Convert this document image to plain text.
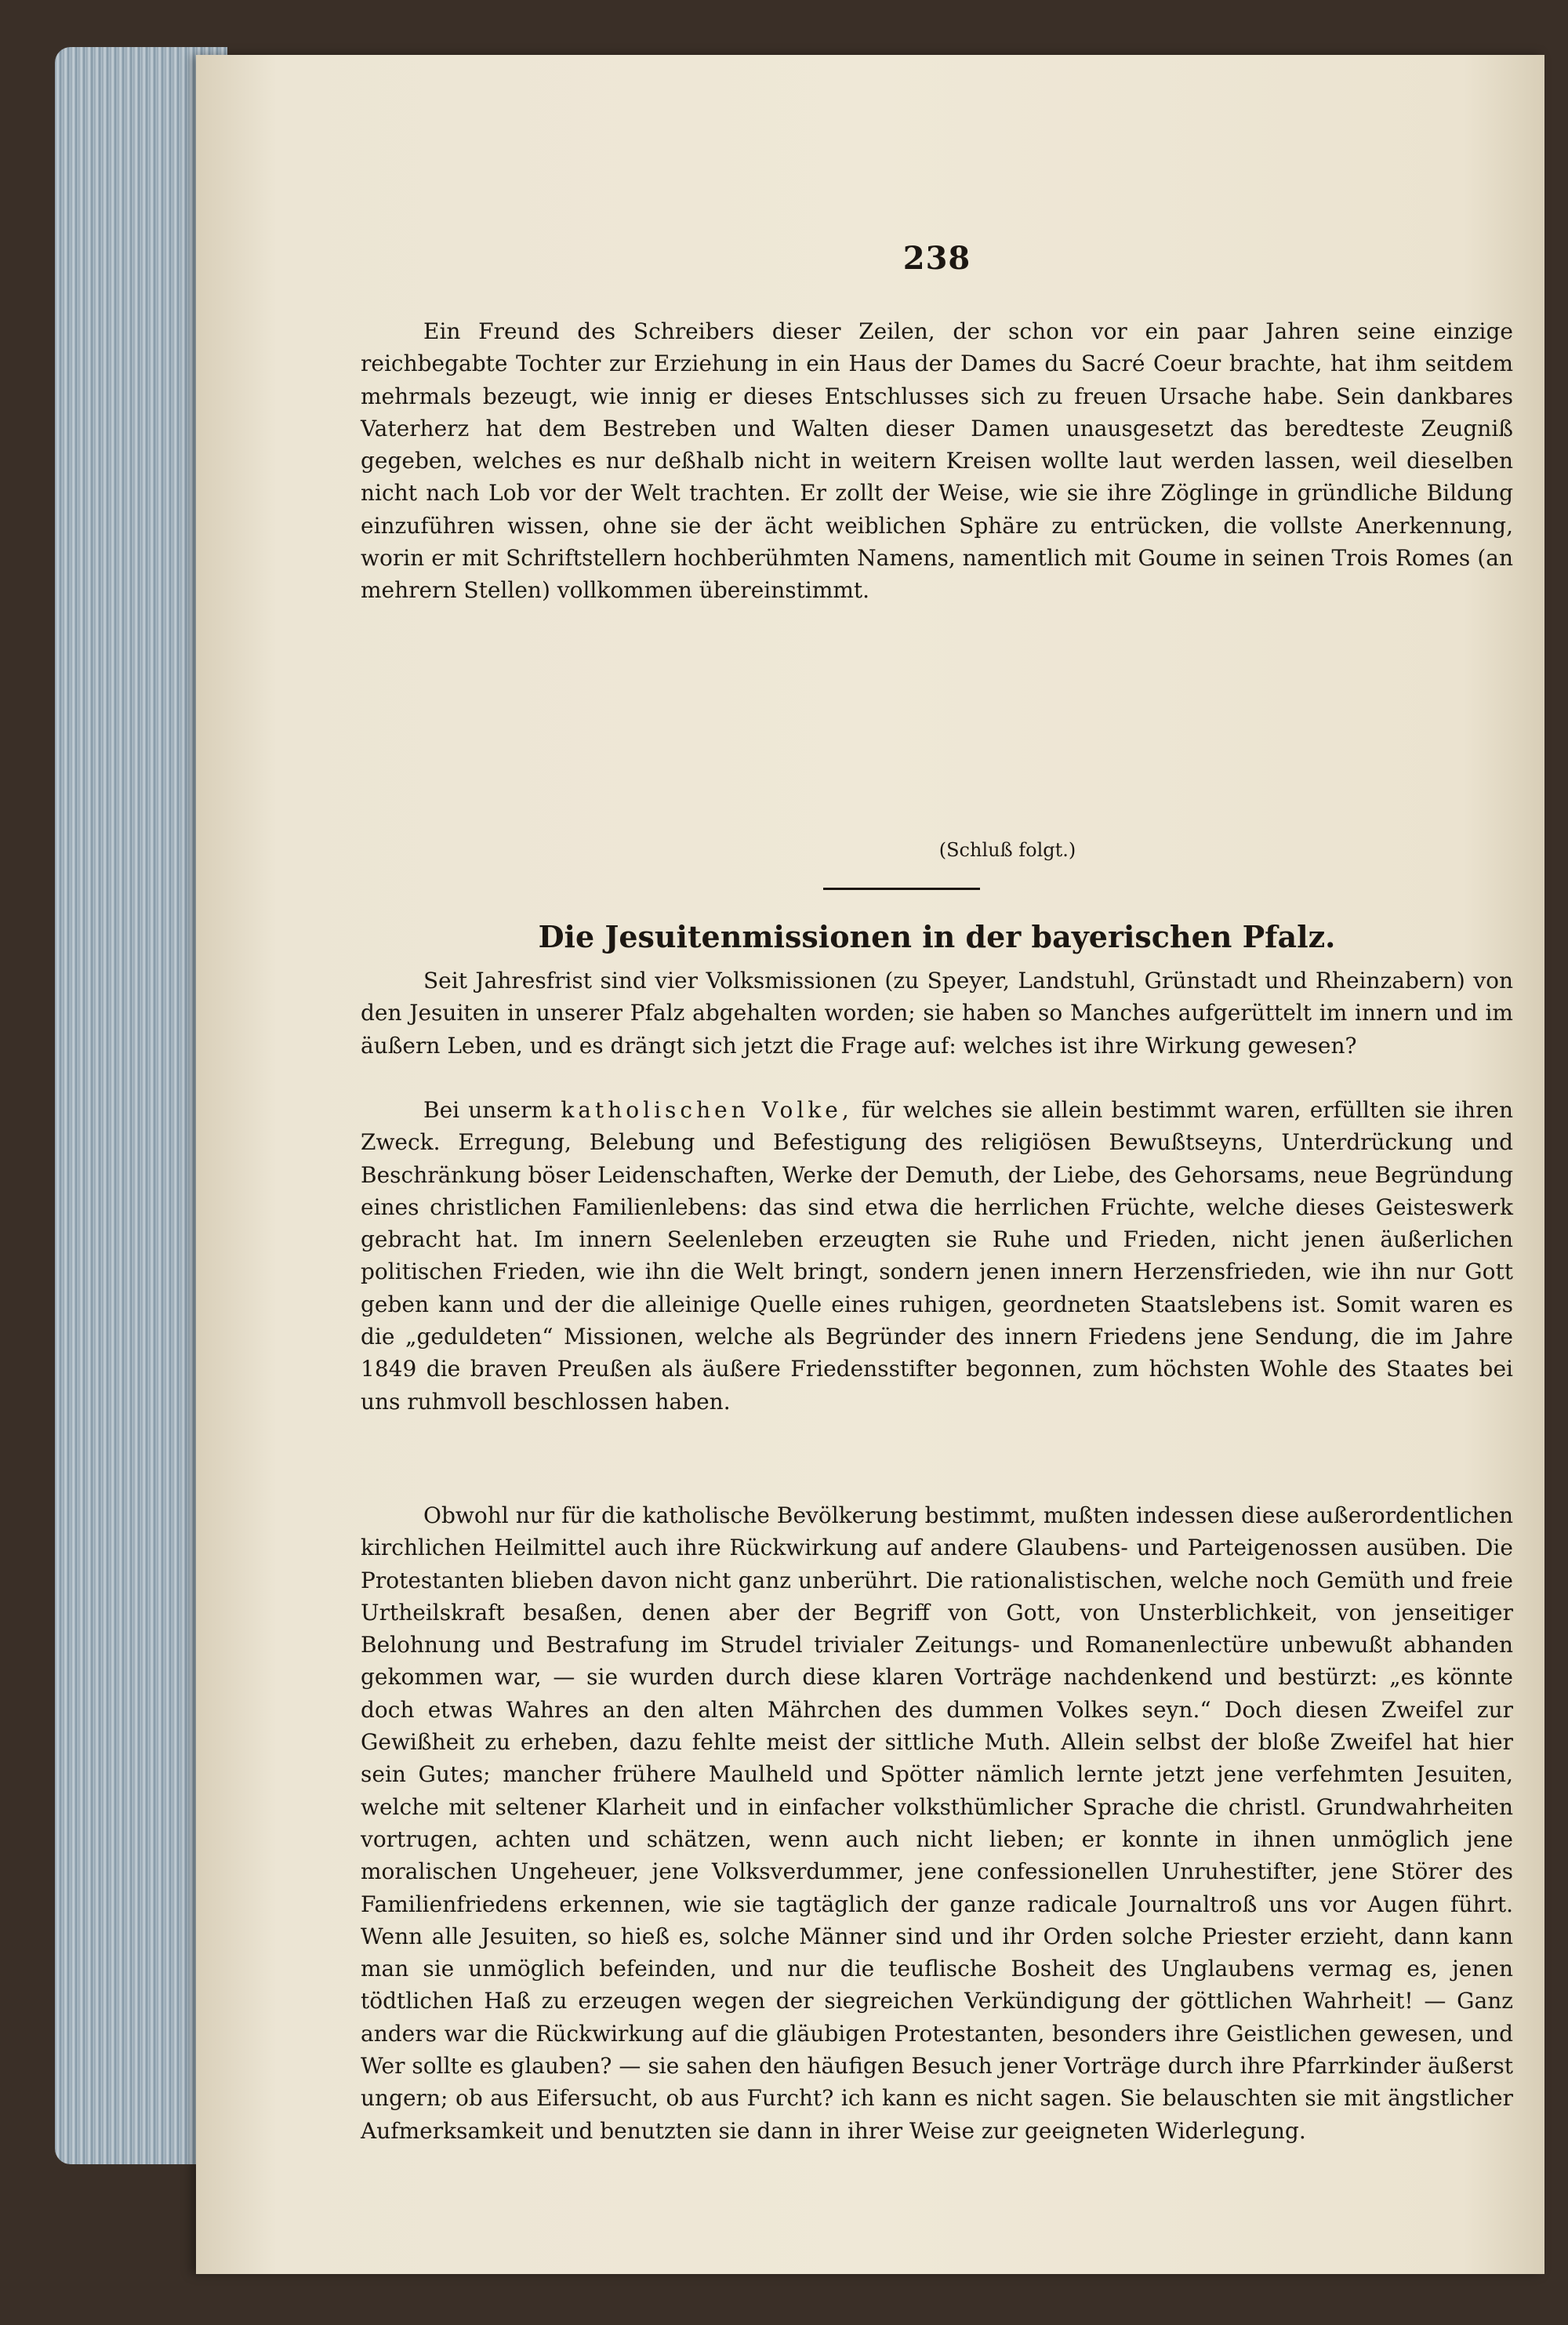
238

Ein Freund des Schreibers dieser Zeilen, der schon vor ein paar Jahren seine einzige reichbegabte Tochter zur Erziehung in ein Haus der Dames du Sacré Coeur brachte, hat ihm seitdem mehrmals bezeugt, wie innig er dieses Entschlusses sich zu freuen Ursache habe. Sein dankbares Vaterherz hat dem Bestreben und Walten dieser Damen unausgesetzt das beredteste Zeugniß gegeben, welches es nur deßhalb nicht in weitern Kreisen wollte laut werden lassen, weil dieselben nicht nach Lob vor der Welt trachten. Er zollt der Weise, wie sie ihre Zöglinge in gründliche Bildung einzuführen wissen, ohne sie der ächt weiblichen Sphäre zu entrücken, die vollste Anerkennung, worin er mit Schriftstellern hochberühmten Namens, namentlich mit Goume in seinen Trois Romes (an mehrern Stellen) vollkommen übereinstimmt.

(Schluß folgt.)
Die Jesuitenmissionen in der bayerischen Pfalz.

Seit Jahresfrist sind vier Volksmissionen (zu Speyer, Landstuhl, Grünstadt und Rheinzabern) von den Jesuiten in unserer Pfalz abgehalten worden; sie haben so Manches aufgerüttelt im innern und im äußern Leben, und es drängt sich jetzt die Frage auf: welches ist ihre Wirkung gewesen?

Bei unserm katholischen Volke, für welches sie allein bestimmt waren, erfüllten sie ihren Zweck. Erregung, Belebung und Befestigung des religiösen Bewußtseyns, Unterdrückung und Beschränkung böser Leidenschaften, Werke der Demuth, der Liebe, des Gehorsams, neue Begründung eines christlichen Familienlebens: das sind etwa die herrlichen Früchte, welche dieses Geisteswerk gebracht hat. Im innern Seelenleben erzeugten sie Ruhe und Frieden, nicht jenen äußerlichen politischen Frieden, wie ihn die Welt bringt, sondern jenen innern Herzensfrieden, wie ihn nur Gott geben kann und der die alleinige Quelle eines ruhigen, geordneten Staatslebens ist. Somit waren es die „geduldeten“ Missionen, welche als Begründer des innern Friedens jene Sendung, die im Jahre 1849 die braven Preußen als äußere Friedensstifter begonnen, zum höchsten Wohle des Staates bei uns ruhmvoll beschlossen haben.

Obwohl nur für die katholische Bevölkerung bestimmt, mußten indessen diese außerordentlichen kirchlichen Heilmittel auch ihre Rückwirkung auf andere Glaubens- und Parteigenossen ausüben. Die Protestanten blieben davon nicht ganz unberührt. Die rationalistischen, welche noch Gemüth und freie Urtheilskraft besaßen, denen aber der Begriff von Gott, von Unsterblichkeit, von jenseitiger Belohnung und Bestrafung im Strudel trivialer Zeitungs- und Romanenlectüre unbewußt abhanden gekommen war, — sie wurden durch diese klaren Vorträge nachdenkend und bestürzt: „es könnte doch etwas Wahres an den alten Mährchen des dummen Volkes seyn.“ Doch diesen Zweifel zur Gewißheit zu erheben, dazu fehlte meist der sittliche Muth. Allein selbst der bloße Zweifel hat hier sein Gutes; mancher frühere Maulheld und Spötter nämlich lernte jetzt jene verfehmten Jesuiten, welche mit seltener Klarheit und in einfacher volksthümlicher Sprache die christl. Grundwahrheiten vortrugen, achten und schätzen, wenn auch nicht lieben; er konnte in ihnen unmöglich jene moralischen Ungeheuer, jene Volksverdummer, jene confessionellen Unruhestifter, jene Störer des Familienfriedens erkennen, wie sie tagtäglich der ganze radicale Journaltroß uns vor Augen führt. Wenn alle Jesuiten, so hieß es, solche Männer sind und ihr Orden solche Priester erzieht, dann kann man sie unmöglich befeinden, und nur die teuflische Bosheit des Unglaubens vermag es, jenen tödtlichen Haß zu erzeugen wegen der siegreichen Verkündigung der göttlichen Wahrheit! — Ganz anders war die Rückwirkung auf die gläubigen Protestanten, besonders ihre Geistlichen gewesen, und Wer sollte es glauben? — sie sahen den häufigen Besuch jener Vorträge durch ihre Pfarrkinder äußerst ungern; ob aus Eifersucht, ob aus Furcht? ich kann es nicht sagen. Sie belauschten sie mit ängstlicher Aufmerksamkeit und benutzten sie dann in ihrer Weise zur geeigneten Widerlegung.
